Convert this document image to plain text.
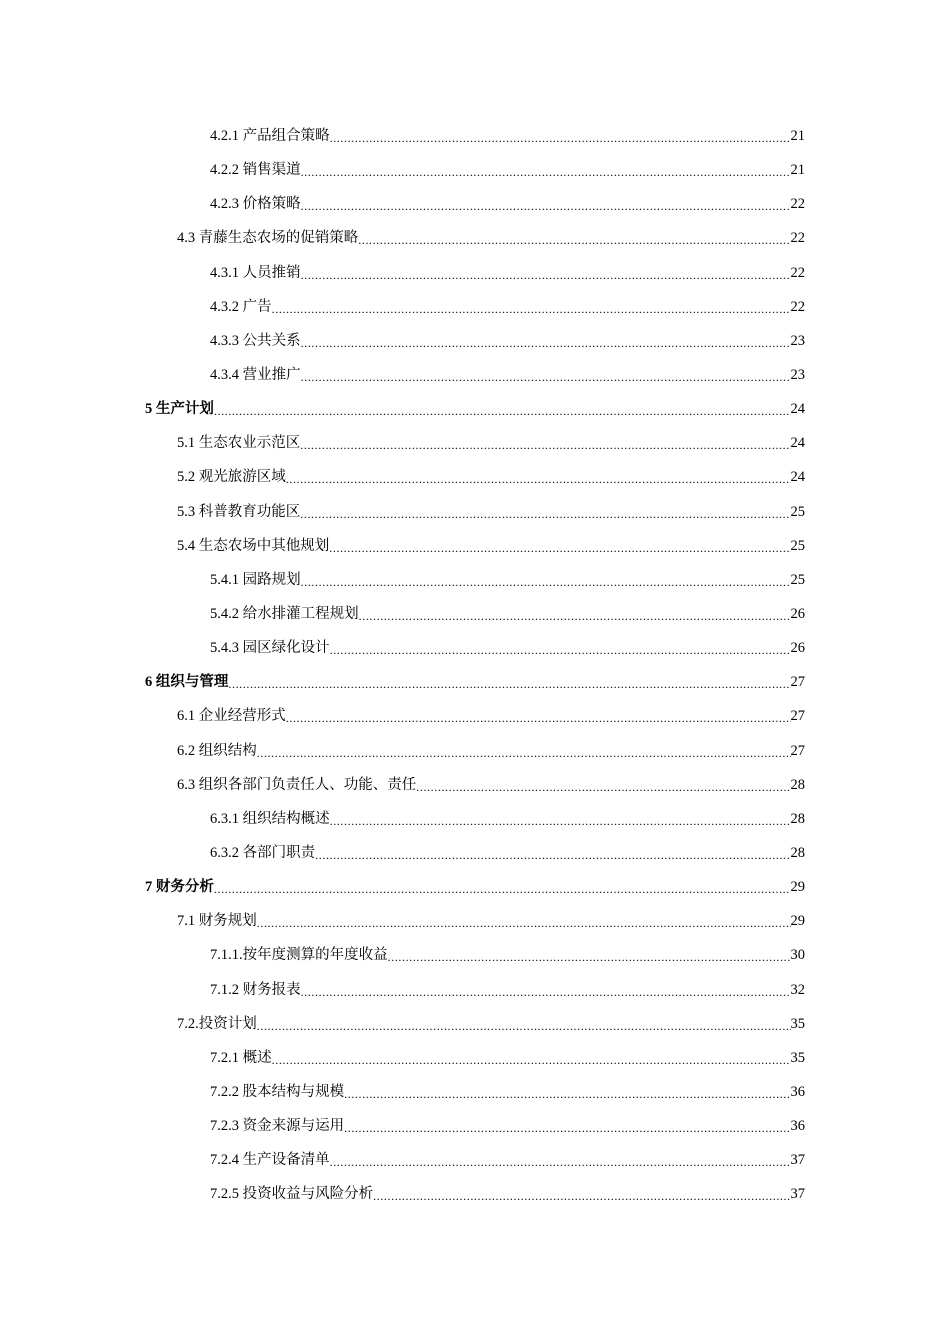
4.2.1 产品组合策略 .....	21
4.2.2 销售渠道 .....	21
4.2.3 价格策略 .....	22
4.3 青藤生态农场的促销策略 .....	22
4.3.1 人员推销 .....	22
4.3.2 广告 .....	22
4.3.3 公共关系 .....	23
4.3.4 营业推广 .....	23
5 生产计划 .....	24
5.1 生态农业示范区 .....	24
5.2 观光旅游区域 .....	24
5.3 科普教育功能区 .....	25
5.4 生态农场中其他规划 .....	25
5.4.1 园路规划 .....	25
5.4.2 给水排灌工程规划 .....	26
5.4.3 园区绿化设计 .....	26
6 组织与管理 .....	27
6.1 企业经营形式 .....	27
6.2 组织结构 .....	27
6.3 组织各部门负责任人、功能、责任 .....	28
6.3.1 组织结构概述 .....	28
6.3.2 各部门职责 .....	28
7 财务分析 .....	29
7.1 财务规划 .....	29
7.1.1.按年度测算的年度收益 .....	30
7.1.2 财务报表 .....	32
7.2.投资计划 .....	35
7.2.1 概述 .....	35
7.2.2 股本结构与规模 .....	36
7.2.3 资金来源与运用 .....	36
7.2.4 生产设备清单 .....	37
7.2.5 投资收益与风险分析 .....	37
